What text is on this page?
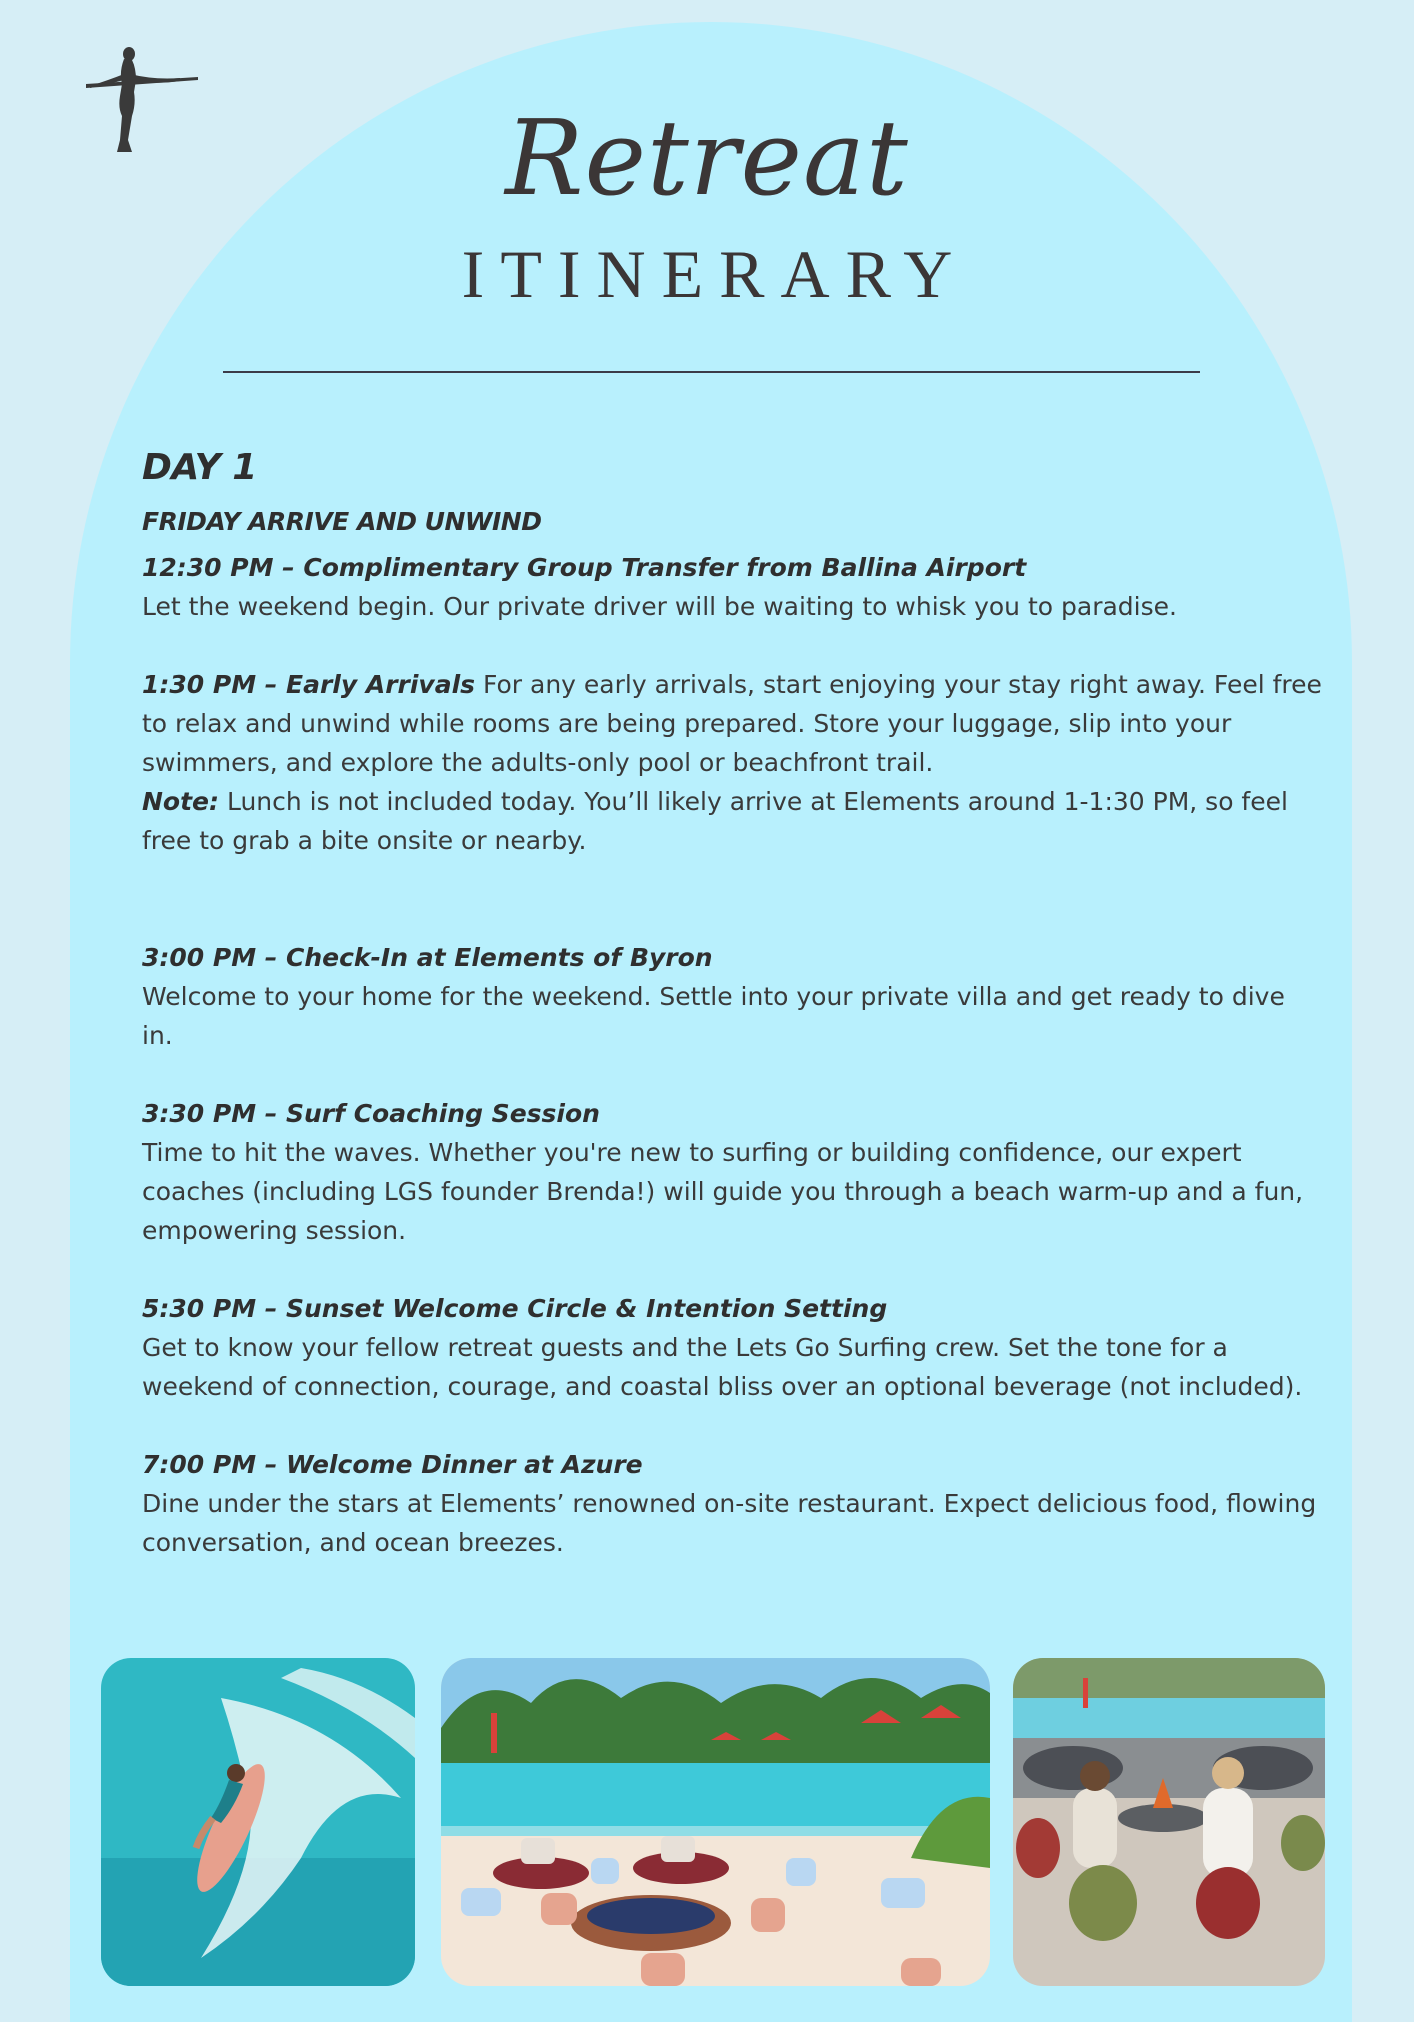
Retreat
ITINERARY

DAY 1

FRIDAY ARRIVE AND UNWIND

12:30 PM – Complimentary Group Transfer from Ballina Airport

Let the weekend begin. Our private driver will be waiting to whisk you to paradise.

1:30 PM – Early Arrivals For any early arrivals, start enjoying your stay right away. Feel free to relax and unwind while rooms are being prepared. Store your luggage, slip into your swimmers, and explore the adults-only pool or beachfront trail.

Note: Lunch is not included today. You’ll likely arrive at Elements around 1-1:30 PM, so feel free to grab a bite onsite or nearby.

3:00 PM – Check-In at Elements of Byron

Welcome to your home for the weekend. Settle into your private villa and get ready to dive in.

3:30 PM – Surf Coaching Session

Time to hit the waves. Whether you're new to surfing or building confidence, our expert coaches (including LGS founder Brenda!) will guide you through a beach warm-up and a fun, empowering session.

5:30 PM – Sunset Welcome Circle & Intention Setting

Get to know your fellow retreat guests and the Lets Go Surfing crew. Set the tone for a weekend of connection, courage, and coastal bliss over an optional beverage (not included).

7:00 PM – Welcome Dinner at Azure

Dine under the stars at Elements’ renowned on-site restaurant. Expect delicious food, flowing conversation, and ocean breezes.
